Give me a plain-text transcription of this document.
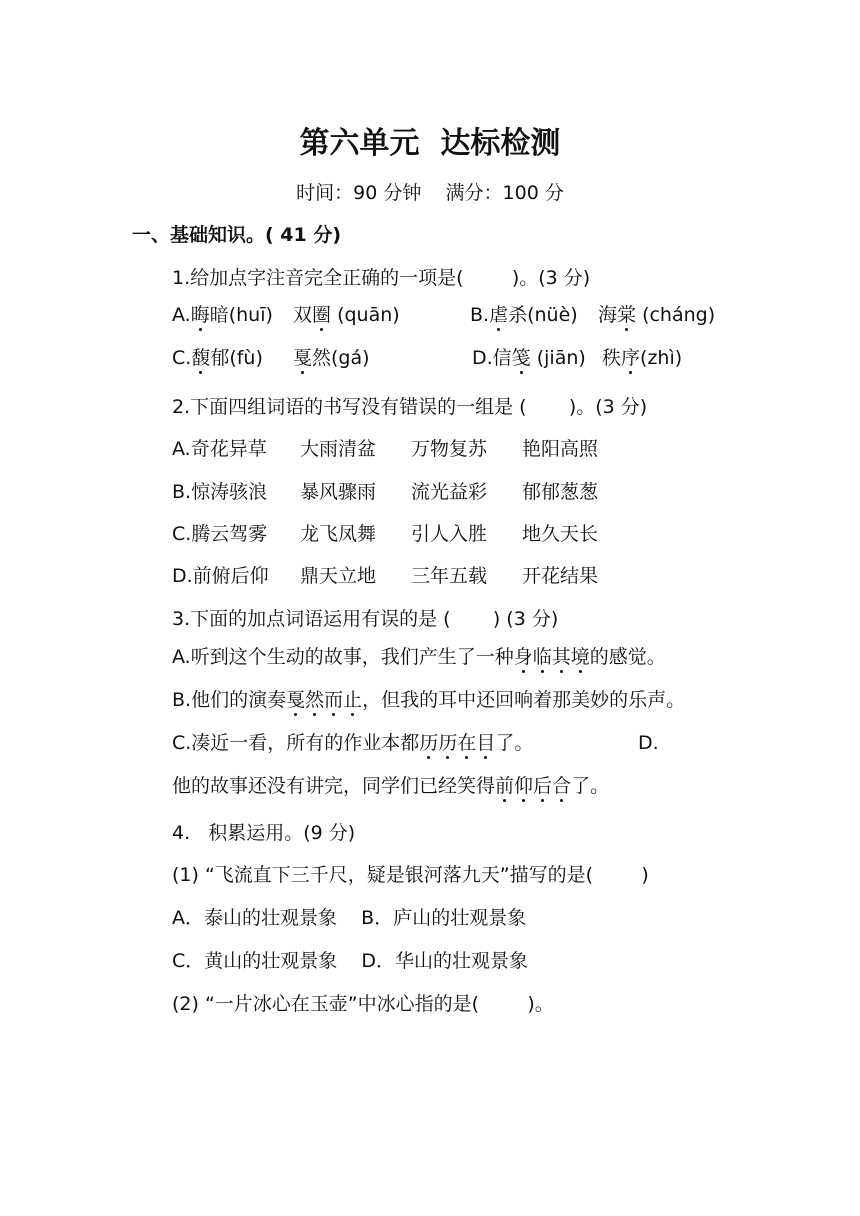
第六单元  达标检测
时间：90 分钟    满分：100 分
一、基础知识。( 41 分)
1.给加点字注音完全正确的一项是(        )。(3 分)
A.晦暗(huī) 双圈 (quān)	B.虐杀(nüè) 海棠 (cháng)
C.馥郁(fù) 戛然(gá)	D.信笺 (jiān) 秩序(zhì)
2.下面四组词语的书写没有错误的一组是 (       )。(3 分)
A.奇花异草 大雨清盆 万物复苏 艳阳高照
B.惊涛骇浪 暴风骤雨 流光益彩 郁郁葱葱
C.腾云驾雾 龙飞凤舞 引人入胜 地久天长
D.前俯后仰 鼎天立地 三年五载 开花结果
3.下面的加点词语运用有误的是 (       ) (3 分)
A.听到这个生动的故事，我们产生了一种身临其境的感觉。
B.他们的演奏戛然而止，但我的耳中还回响着那美妙的乐声。
C.凑近一看，所有的作业本都历历在目了。	D.
他的故事还没有讲完，同学们已经笑得前仰后合了。
4.   积累运用。(9 分)
(1) “飞流直下三千尺，疑是银河落九天”描写的是(        )
A．泰山的壮观景象    B．庐山的壮观景象
C．黄山的壮观景象    D．华山的壮观景象
(2) “一片冰心在玉壶”中冰心指的是(        )。
